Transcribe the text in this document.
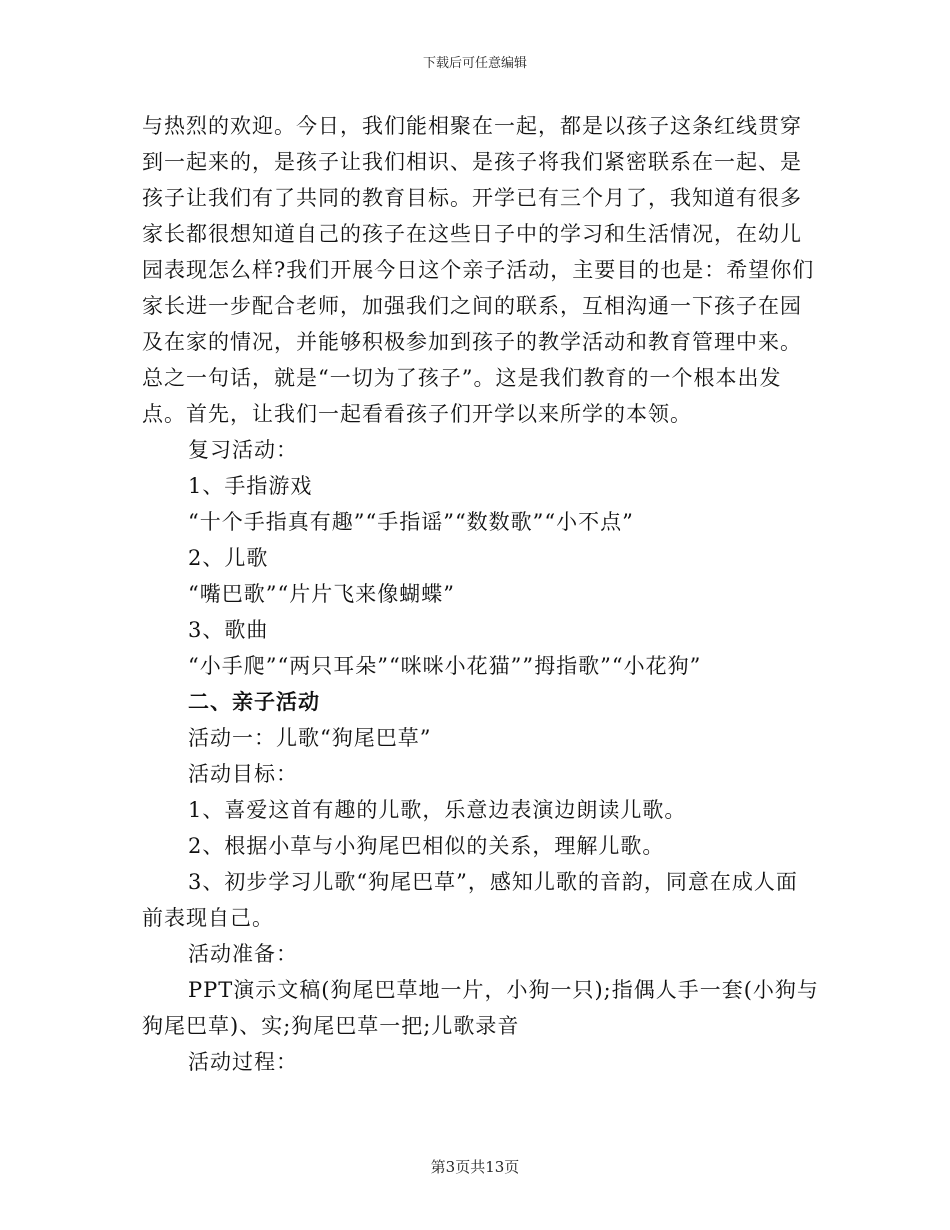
下载后可任意编辑
与热烈的欢迎。今日，我们能相聚在一起，都是以孩子这条红线贯穿
到一起来的，是孩子让我们相识、是孩子将我们紧密联系在一起、是
孩子让我们有了共同的教育目标。开学已有三个月了，我知道有很多
家长都很想知道自己的孩子在这些日子中的学习和生活情况，在幼儿
园表现怎么样?我们开展今日这个亲子活动，主要目的也是：希望你们
家长进一步配合老师，加强我们之间的联系，互相沟通一下孩子在园
及在家的情况，并能够积极参加到孩子的教学活动和教育管理中来。
总之一句话，就是“一切为了孩子”。这是我们教育的一个根本出发
点。首先，让我们一起看看孩子们开学以来所学的本领。
复习活动：
1、手指游戏
“十个手指真有趣”“手指谣”“数数歌”“小不点”
2、儿歌
“嘴巴歌”“片片飞来像蝴蝶”
3、歌曲
“小手爬”“两只耳朵”“咪咪小花猫””拇指歌”“小花狗”
二、亲子活动
活动一：儿歌“狗尾巴草”
活动目标：
1、喜爱这首有趣的儿歌，乐意边表演边朗读儿歌。
2、根据小草与小狗尾巴相似的关系，理解儿歌。
3、初步学习儿歌“狗尾巴草”，感知儿歌的音韵，同意在成人面
前表现自己。
活动准备：
PPT演示文稿(狗尾巴草地一片，小狗一只);指偶人手一套(小狗与
狗尾巴草)、实;狗尾巴草一把;儿歌录音
活动过程：
第3页共13页
